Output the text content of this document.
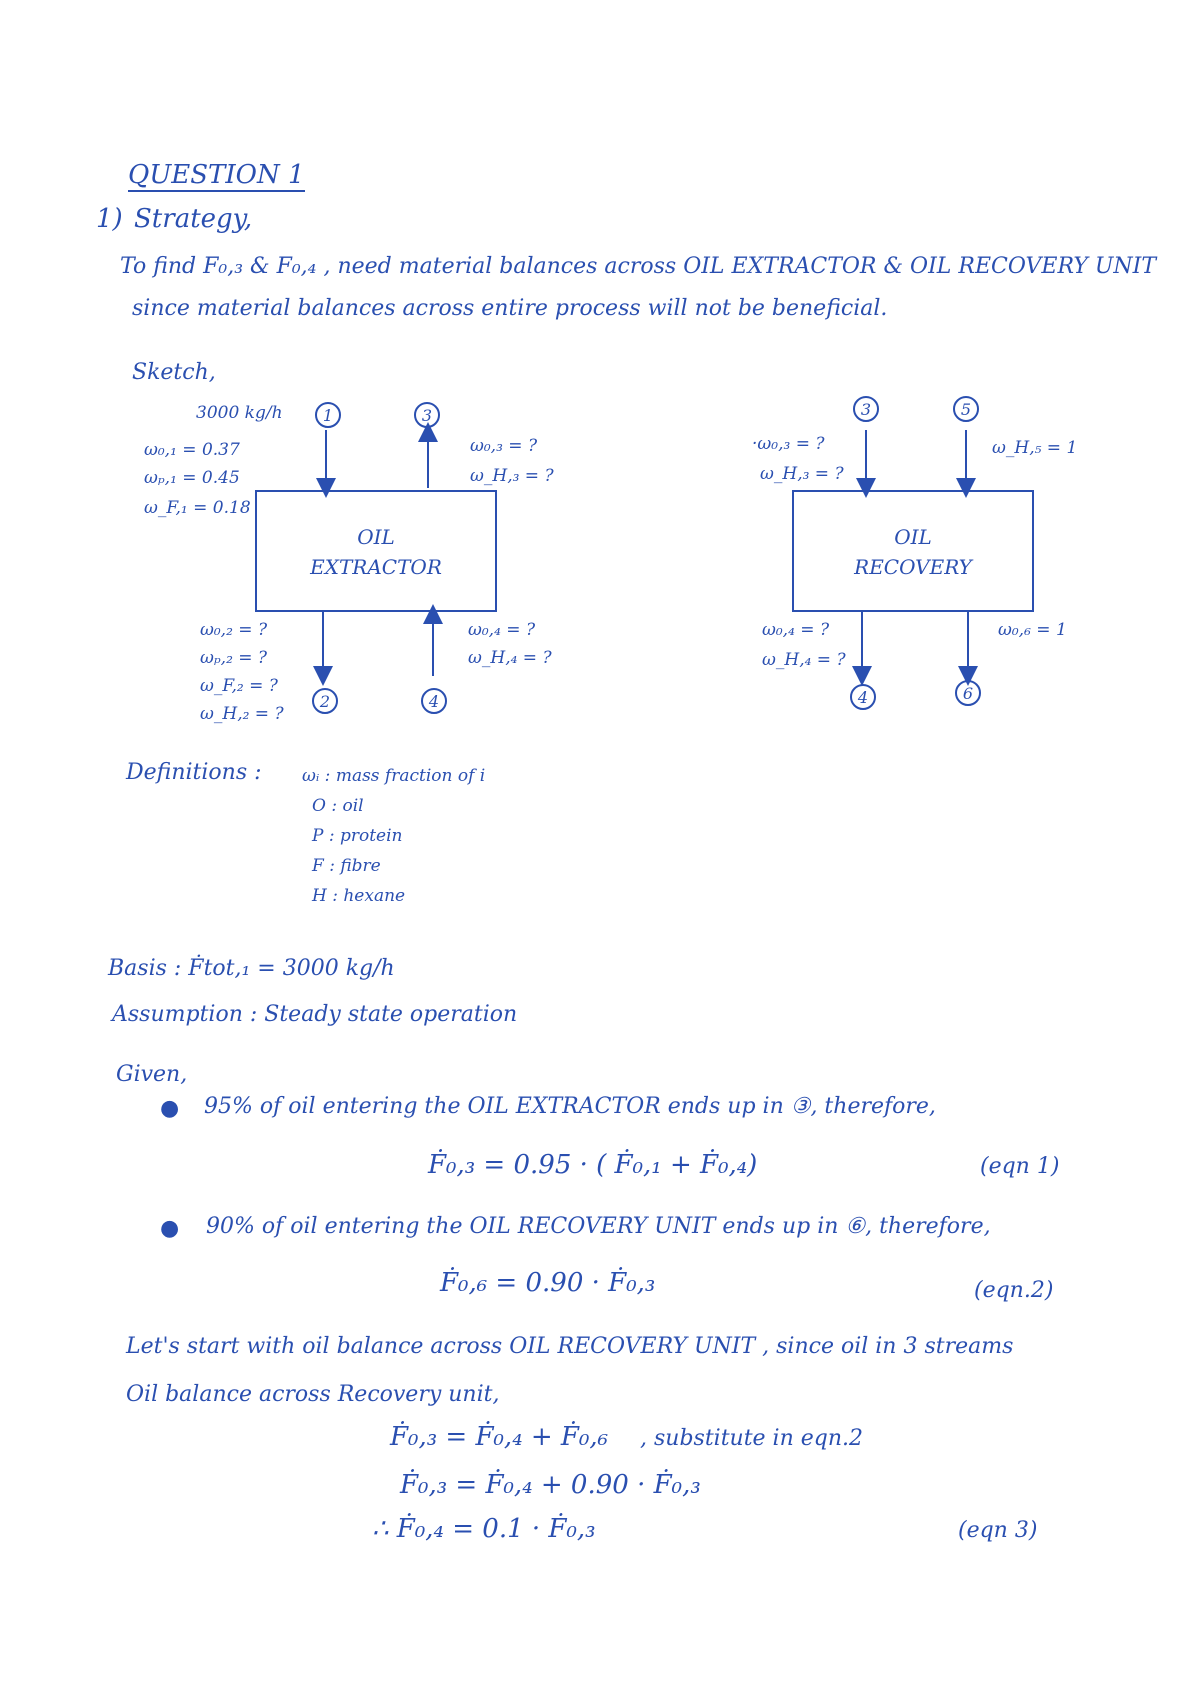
QUESTION 1
1) Strategy,
To find F₀,₃ & F₀,₄ , need material balances across OIL EXTRACTOR & OIL RECOVERY UNIT
since material balances across entire process will not be beneficial.
Sketch,
OIL
EXTRACTOR
3000 kg/h	1	3
2	4
ω₀,₁ = 0.37
ωₚ,₁ = 0.45
ω_F,₁ = 0.18
ω₀,₃ = ?
ω_H,₃ = ?
ω₀,₂ = ?
ωₚ,₂ = ?
ω_F,₂ = ?
ω_H,₂ = ?
ω₀,₄ = ?
ω_H,₄ = ?
OIL
RECOVERY
3	5
4	6
·ω₀,₃ = ?
ω_H,₃ = ?
ω_H,₅ = 1
ω₀,₄ = ?
ω_H,₄ = ?
ω₀,₆ = 1
Definitions : ωᵢ : mass fraction of i
O : oil
P : protein
F : fibre
H : hexane
Basis : Ḟtot,₁ = 3000 kg/h
Assumption : Steady state operation
Given,
● 95% of oil entering the OIL EXTRACTOR ends up in ③, therefore,
Ḟ₀,₃ = 0.95 · ( Ḟ₀,₁ + Ḟ₀,₄)	(eqn 1)
● 90% of oil entering the OIL RECOVERY UNIT ends up in ⑥, therefore,
Ḟ₀,₆ = 0.90 · Ḟ₀,₃	(eqn.2)
Let's start with oil balance across OIL RECOVERY UNIT , since oil in 3 streams
Oil balance across Recovery unit,
Ḟ₀,₃ = Ḟ₀,₄ + Ḟ₀,₆ , substitute in eqn.2
Ḟ₀,₃ = Ḟ₀,₄ + 0.90 · Ḟ₀,₃
∴ Ḟ₀,₄ = 0.1 · Ḟ₀,₃	(eqn 3)
